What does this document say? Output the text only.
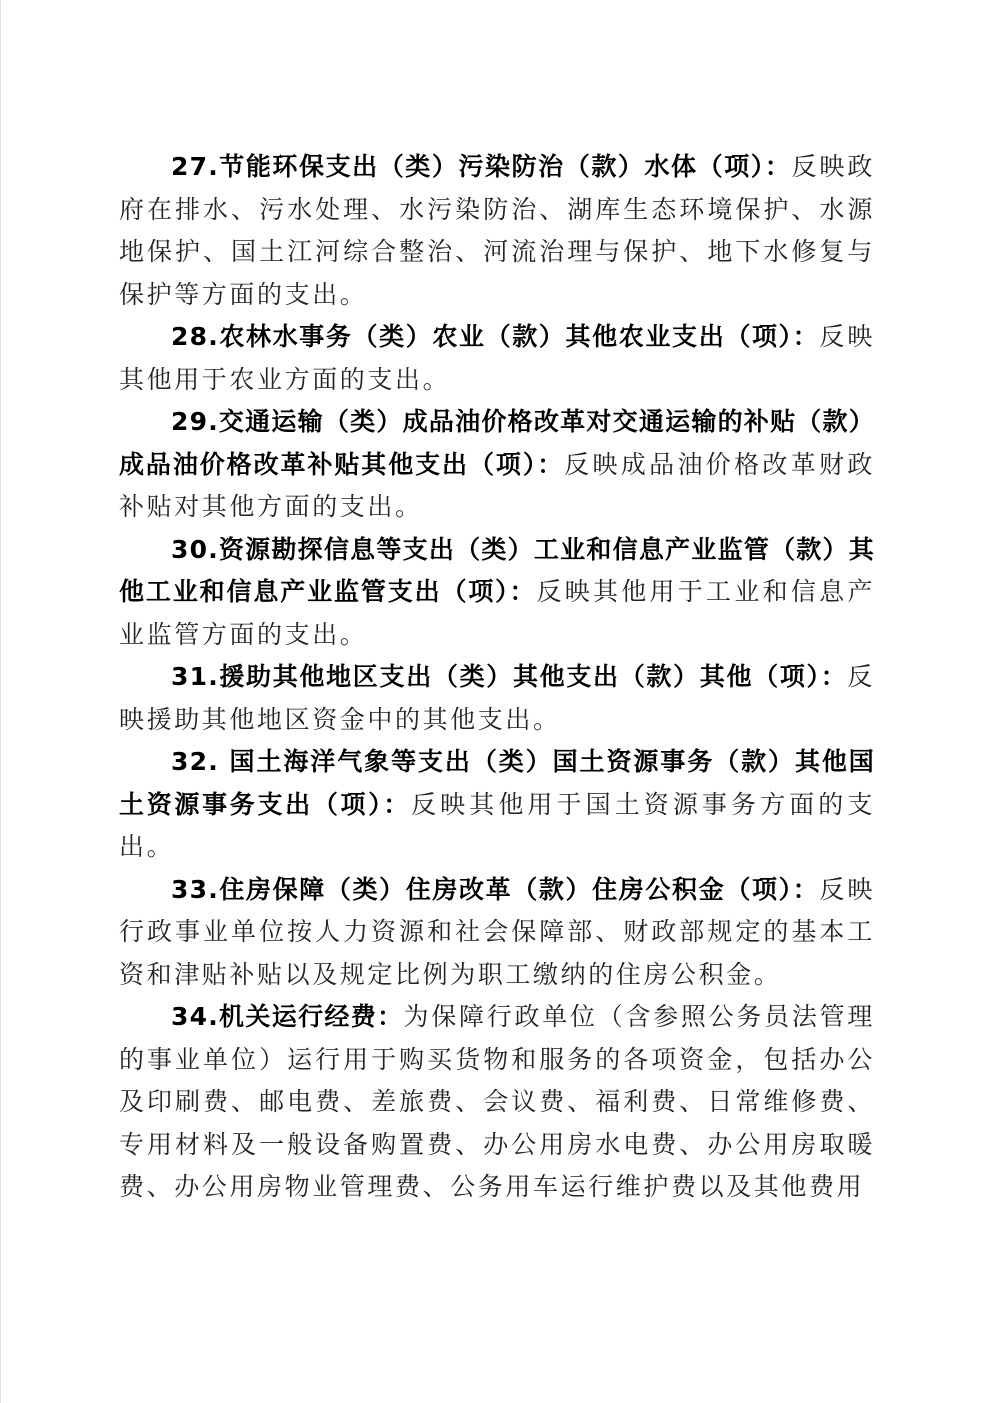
27.节能环保支出（类）污染防治（款）水体（项）：反映政府在排水、污水处理、水污染防治、湖库生态环境保护、水源地保护、国土江河综合整治、河流治理与保护、地下水修复与保护等方面的支出。

28.农林水事务（类）农业（款）其他农业支出（项）：反映其他用于农业方面的支出。

29.交通运输（类）成品油价格改革对交通运输的补贴（款）成品油价格改革补贴其他支出（项）：反映成品油价格改革财政补贴对其他方面的支出。

30.资源勘探信息等支出（类）工业和信息产业监管（款）其他工业和信息产业监管支出（项）：反映其他用于工业和信息产业监管方面的支出。

31.援助其他地区支出（类）其他支出（款）其他（项）：反映援助其他地区资金中的其他支出。

32. 国土海洋气象等支出（类）国土资源事务（款）其他国土资源事务支出（项）：反映其他用于国土资源事务方面的支出。

33.住房保障（类）住房改革（款）住房公积金（项）：反映行政事业单位按人力资源和社会保障部、财政部规定的基本工资和津贴补贴以及规定比例为职工缴纳的住房公积金。

34.机关运行经费：为保障行政单位（含参照公务员法管理的事业单位）运行用于购买货物和服务的各项资金，包括办公及印刷费、邮电费、差旅费、会议费、福利费、日常维修费、专用材料及一般设备购置费、办公用房水电费、办公用房取暖费、办公用房物业管理费、公务用车运行维护费以及其他费用
